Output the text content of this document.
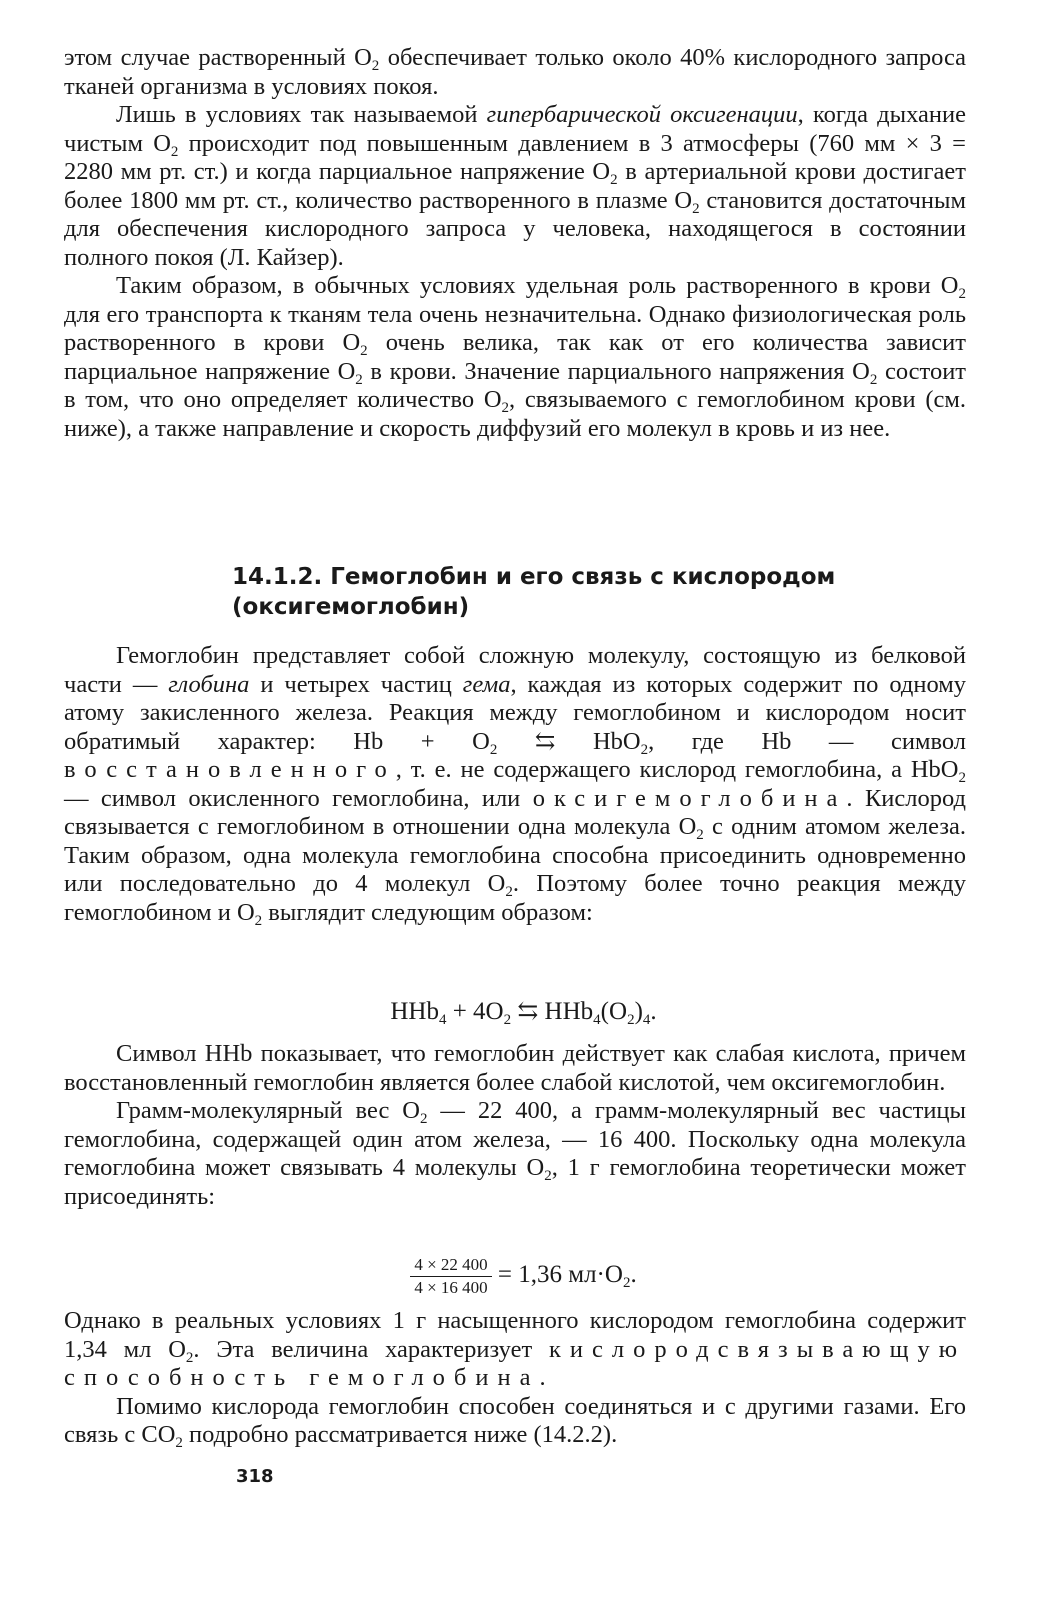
этом случае растворенный $O_2$ обеспечивает только около 40% кислородного запроса тканей организма в условиях покоя.

Лишь в условиях так называемой гипербарической оксигенации, когда дыхание чистым $O_2$ происходит под повышенным давлением в 3 атмосферы (760 мм × 3 = 2280 мм рт. ст.) и когда парциальное напряжение $O_2$ в артериальной крови достигает более 1800 мм рт. ст., количество растворенного в плазме $O_2$ становится достаточным для обеспечения кислородного запроса у человека, находящегося в состоянии полного покоя (Л. Кайзер).

Таким образом, в обычных условиях удельная роль растворенного в крови $O_2$ для его транспорта к тканям тела очень незначительна. Однако физиологическая роль растворенного в крови $O_2$ очень велика, так как от его количества зависит парциальное напряжение $O_2$ в крови. Значение парциального напряжения $O_2$ состоит в том, что оно определяет количество $O_2$, связываемого с гемоглобином крови (см. ниже), а также направление и скорость диффузий его молекул в кровь и из нее.

14.1.2. Гемоглобин и его связь с кислородом
(оксигемоглобин)

Гемоглобин представляет собой сложную молекулу, состоящую из белковой части — глобина и четырех частиц гема, каждая из которых содержит по одному атому закисленного железа. Реакция между гемоглобином и кислородом носит обратимый характер: $Hb + O_2$ ⇆ HbO$_2$, где Hb — символ восстановленного, т. е. не содержащего кислород гемоглобина, а HbO$_2$ — символ окисленного гемоглобина, или оксигемоглобина. Кислород связывается с гемоглобином в отношении одна молекула $O_2$ с одним атомом железа. Таким образом, одна молекула гемоглобина способна присоединить одновременно или последовательно до 4 молекул $O_2$. Поэтому более точно реакция между гемоглобином и $O_2$ выглядит следующим образом:

$HHb_4 + 4O_2$ ⇆ $HHb_4(O_2)_4$.

Символ HHb показывает, что гемоглобин действует как слабая кислота, причем восстановленный гемоглобин является более слабой кислотой, чем оксигемоглобин.

Грамм-молекулярный вес $O_2$ — 22 400, а грамм-молекулярный вес частицы гемоглобина, содержащей один атом железа, — 16 400. Поскольку одна молекула гемоглобина может связывать 4 молекулы $O_2$, 1 г гемоглобина теоретически может присоединять:

$\frac{4 \times 22 400}{4 \times 16 400} = 1,36$ $мл\cdot O_2$.

Однако в реальных условиях 1 г насыщенного кислородом гемоглобина содержит 1,34 мл $O_2$. Эта величина характеризует кислородсвязывающую способность гемоглобина.

Помимо кислорода гемоглобин способен соединяться и с другими газами. Его связь с $CO_2$ подробно рассматривается ниже (14.2.2).

318
